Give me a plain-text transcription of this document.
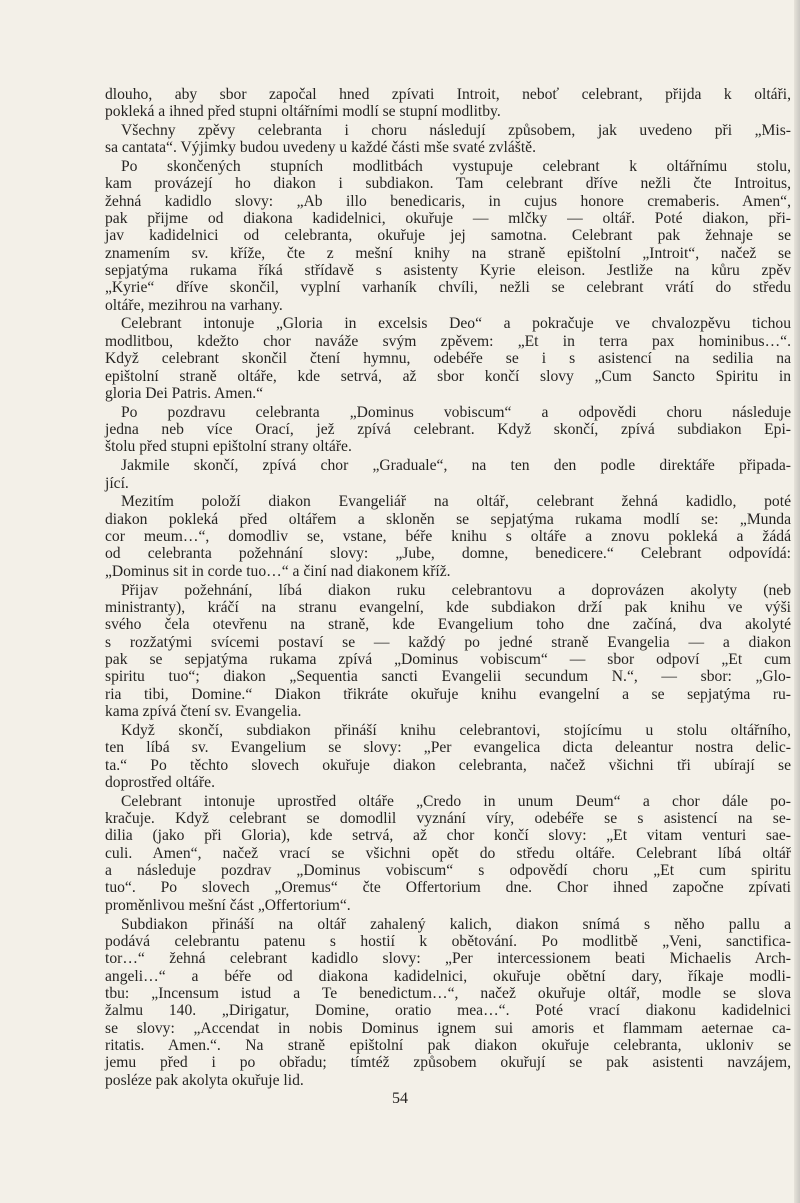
dlouho, aby sbor započal hned zpívati Introit, neboť celebrant, přijda k oltáři,
pokleká a ihned před stupni oltářními modlí se stupní modlitby.
Všechny zpěvy celebranta i choru následují způsobem, jak uvedeno při „Mis-
sa cantata“. Výjimky budou uvedeny u každé části mše svaté zvláště.
Po skončených stupních modlitbách vystupuje celebrant k oltářnímu stolu,
kam provázejí ho diakon i subdiakon. Tam celebrant dříve nežli čte Introitus,
žehná kadidlo slovy: „Ab illo benedicaris, in cujus honore cremaberis. Amen“,
pak přijme od diakona kadidelnici, okuřuje — mlčky — oltář. Poté diakon, při-
jav kadidelnici od celebranta, okuřuje jej samotna. Celebrant pak žehnaje se
znamením sv. kříže, čte z mešní knihy na straně epištolní „Introit“, načež se
sepjatýma rukama říká střídavě s asistenty Kyrie eleison. Jestliže na kůru zpěv
„Kyrie“ dříve skončil, vyplní varhaník chvíli, nežli se celebrant vrátí do středu
oltáře, mezihrou na varhany.
Celebrant intonuje „Gloria in excelsis Deo“ a pokračuje ve chvalozpěvu tichou
modlitbou, kdežto chor naváže svým zpěvem: „Et in terra pax hominibus…“.
Když celebrant skončil čtení hymnu, odebéře se i s asistencí na sedilia na
epištolní straně oltáře, kde setrvá, až sbor končí slovy „Cum Sancto Spiritu in
gloria Dei Patris. Amen.“
Po pozdravu celebranta „Dominus vobiscum“ a odpovědi choru následuje
jedna neb více Orací, jež zpívá celebrant. Když skončí, zpívá subdiakon Epi-
štolu před stupni epištolní strany oltáře.
Jakmile skončí, zpívá chor „Graduale“, na ten den podle direktáře připada-
jící.
Mezitím položí diakon Evangeliář na oltář, celebrant žehná kadidlo, poté
diakon pokleká před oltářem a skloněn se sepjatýma rukama modlí se: „Munda
cor meum…“, domodliv se, vstane, béře knihu s oltáře a znovu pokleká a žádá
od celebranta požehnání slovy: „Jube, domne, benedicere.“ Celebrant odpovídá:
„Dominus sit in corde tuo…“ a činí nad diakonem kříž.
Přijav požehnání, líbá diakon ruku celebrantovu a doprovázen akolyty (neb
ministranty), kráčí na stranu evangelní, kde subdiakon drží pak knihu ve výši
svého čela otevřenu na straně, kde Evangelium toho dne začíná, dva akolyté
s rozžatými svícemi postaví se — každý po jedné straně Evangelia — a diakon
pak se sepjatýma rukama zpívá „Dominus vobiscum“ — sbor odpoví „Et cum
spiritu tuo“; diakon „Sequentia sancti Evangelii secundum N.“, — sbor: „Glo-
ria tibi, Domine.“ Diakon třikráte okuřuje knihu evangelní a se sepjatýma ru-
kama zpívá čtení sv. Evangelia.
Když skončí, subdiakon přináší knihu celebrantovi, stojícímu u stolu oltářního,
ten líbá sv. Evangelium se slovy: „Per evangelica dicta deleantur nostra delic-
ta.“ Po těchto slovech okuřuje diakon celebranta, načež všichni tři ubírají se
doprostřed oltáře.
Celebrant intonuje uprostřed oltáře „Credo in unum Deum“ a chor dále po-
kračuje. Když celebrant se domodlil vyznání víry, odebéře se s asistencí na se-
dilia (jako při Gloria), kde setrvá, až chor končí slovy: „Et vitam venturi sae-
culi. Amen“, načež vrací se všichni opět do středu oltáře. Celebrant líbá oltář
a následuje pozdrav „Dominus vobiscum“ s odpovědí choru „Et cum spiritu
tuo“. Po slovech „Oremus“ čte Offertorium dne. Chor ihned započne zpívati
proměnlivou mešní část „Offertorium“.
Subdiakon přináší na oltář zahalený kalich, diakon snímá s něho pallu a
podává celebrantu patenu s hostií k obětování. Po modlitbě „Veni, sanctifica-
tor…“ žehná celebrant kadidlo slovy: „Per intercessionem beati Michaelis Arch-
angeli…“ a béře od diakona kadidelnici, okuřuje obětní dary, říkaje modli-
tbu: „Incensum istud a Te benedictum…“, načež okuřuje oltář, modle se slova
žalmu 140. „Dirigatur, Domine, oratio mea…“. Poté vrací diakonu kadidelnici
se slovy: „Accendat in nobis Dominus ignem sui amoris et flammam aeternae ca-
ritatis. Amen.“. Na straně epištolní pak diakon okuřuje celebranta, ukloniv se
jemu před i po obřadu; tímtéž způsobem okuřují se pak asistenti navzájem,
posléze pak akolyta okuřuje lid.
54
